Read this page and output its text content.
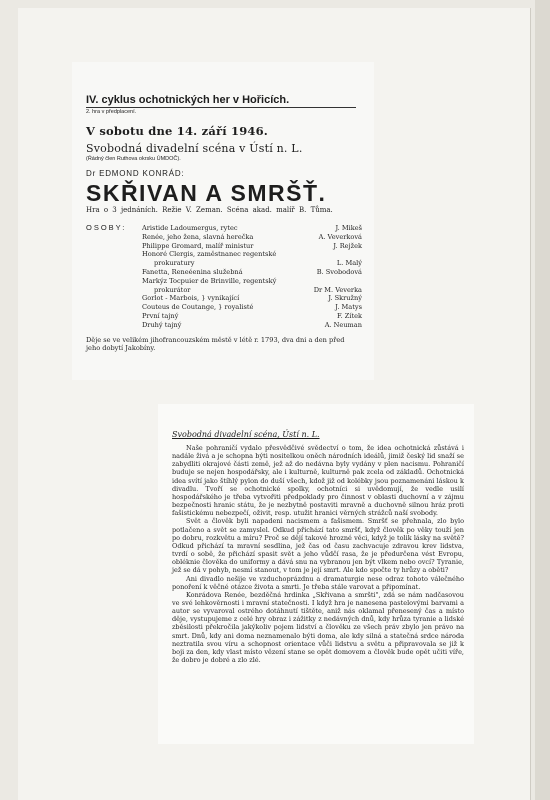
IV. cyklus ochotnických her v Hořicích.
2. hra v předplacení.
V sobotu dne 14. září 1946.
Svobodná divadelní scéna v Ústí n. L.
(Řádný člen Ruthova okrsku ÚMDOČ).
Dr EDMOND KONRÁD:
SKŘIVAN A SMRŠŤ.
Hra o 3 jednáních. Režie V. Zeman. Scéna akad. malíř B. Tůma.
OSOBY: Aristide Ladoumergus, rytec	J. Mikeš
Renée, jeho žena, slavná herečka	A. Veverková
Philippe Gromard, malíř ministur	J. Rejžek
Honoré Clergis, zaměstnanec regentské
prokuratury	L. Malý
Fanetta, Reneéenina služebná	B. Svobodová
Markýz Tocpuier de Brinville, regentský
prokurátor	Dr M. Veverka
Gorlot - Marbois, } vynikající	J. Skružný
Couteus de Coutange, } royalisté	J. Matys
První tajný	F. Zítek
Druhý tajný	A. Neuman
Děje se ve velikém jihofrancouzském městě v létě r. 1793, dva dni a den před jeho dobytí Jakobíny.
Svobodná divadelní scéna, Ústí n. L.

Naše pohraničí vydalo přesvědčivé svědectví o tom, že idea ochotnická zůstává i nadále živá a je schopna býti nositelkou oněch národních ideálů, jimiž český lid snaží se zabydliti okrajové části země, jež až do nedávna byly vydány v plen nacismu. Pohraničí buduje se nejen hospodářsky, ale i kulturně, kulturně pak zcela od základů. Ochotnická idea svítí jako štíhlý pylon do duší všech, kdož již od kolébky jsou poznamenáni láskou k divadlu. Tvoří se ochotnické spolky, ochotníci si uvědomují, že vedle usilí hospodářského je třeba vytvořiti předpoklady pro činnost v oblasti duchovní a v zájmu bezpečnosti hranic státu, že je nezbytně postaviti mravně a duchovně silnou hráz proti fašistickému nebezpečí, oživit, resp. utužit hranici věrných strážců naší svobody.

Svět a člověk byli napadeni nacismem a fašismem. Smršť se přehnala, zlo bylo potlačeno a svět se zamyslel. Odkud přichází tato smršť, když člověk po věky touží jen po dobru, rozkvětu a míru? Proč se dějí takové hrozné věci, když je tolik lásky na světě? Odkud přichází ta mravní sesdlina, jež čas od času zachvacuje zdravou krev lidstva, tvrdí o sobě, že přichází spasit svět a jeho vůdčí rasa, že je předurčena vést Evropu, obléknie člověka do uniformy a dává snu na vybranou jen být vlkem nebo ovcí? Tyranie, jež se dá v pohyb, nesmí stanout, v tom je její smrt. Ale kdo spočte ty hrůzy a oběti?

Ani divadlo nešije ve vzduchoprázdnu a dramaturgie nese odraz tohoto válečného ponoření k věčné otázce života a smrti. Je třeba stále varovat a připomínat.

Konrádova Renée, bezděčná hrdinka „Skřivana a smršti", zdá se nám nadčasovou ve své lehkověrnosti i mravní statečnosti. I když hra je nanesena pastelovými barvami a autor se vyvaroval ostrého dotáhnutí tištěte, aniž nás oklamal přenesený čas a místo děje, vystupujeme z celé hry obraz i zážitky z nedávných dnů, kdy hrůza tyranie a lidské zběsilosti překročila jakýkoliv pojem lidství a člověku ze všech práv zbylo jen právo na smrt. Dnů, kdy ani doma neznamenalo býti doma, ale kdy silná a statečná srdce národa neztratila svou víru a schopnost orientace vůči lidstvu a světu a připravovala se již k boji za den, kdy vlast místo vězení stane se opět domovem a člověk bude opět učiti víře, že dobro je dobré a zlo zlé.
